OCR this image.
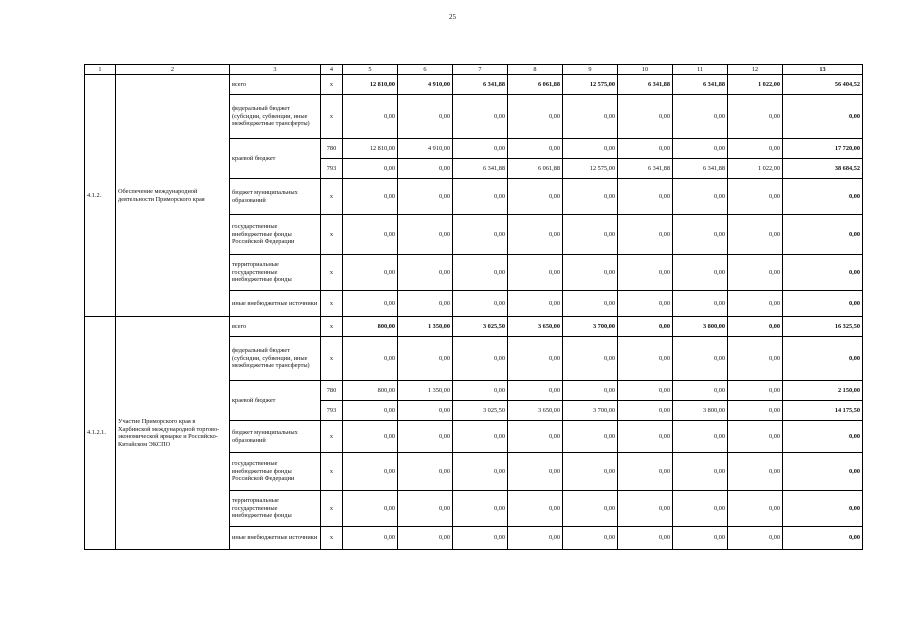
25
1	2	3	4	5	6	7	8	9	10	11	12	13
4.1.2.	Обеспечение международной деятельности Приморского края	всего	x	12 810,00	4 910,00	6 341,88	6 061,88	12 575,00	6 341,88	6 341,88	1 022,00	56 404,52
		федеральный бюджет (субсидии, субвенции, иные межбюджетные трансферты)	x	0,00	0,00	0,00	0,00	0,00	0,00	0,00	0,00	0,00
		краевой бюджет	780	12 810,00	4 910,00	0,00	0,00	0,00	0,00	0,00	0,00	17 720,00
			793	0,00	0,00	6 341,88	6 061,88	12 575,00	6 341,88	6 341,88	1 022,00	38 684,52
		бюджет муниципальных образований	x	0,00	0,00	0,00	0,00	0,00	0,00	0,00	0,00	0,00
		государственные внебюджетные фонды Российской Федерации	x	0,00	0,00	0,00	0,00	0,00	0,00	0,00	0,00	0,00
		территориальные государственные внебюджетные фонды	x	0,00	0,00	0,00	0,00	0,00	0,00	0,00	0,00	0,00
		иные внебюджетные источники	x	0,00	0,00	0,00	0,00	0,00	0,00	0,00	0,00	0,00
4.1.2.1.	Участие Приморского края в Харбинской международной торгово-экономической ярмарке и Российско-Китайском ЭКСПО	всего	x	800,00	1 350,00	3 025,50	3 650,00	3 700,00	0,00	3 800,00	0,00	16 325,50
		федеральный бюджет (субсидии, субвенции, иные межбюджетные трансферты)	x	0,00	0,00	0,00	0,00	0,00	0,00	0,00	0,00	0,00
		краевой бюджет	780	800,00	1 350,00	0,00	0,00	0,00	0,00	0,00	0,00	2 150,00
			793	0,00	0,00	3 025,50	3 650,00	3 700,00	0,00	3 800,00	0,00	14 175,50
		бюджет муниципальных образований	x	0,00	0,00	0,00	0,00	0,00	0,00	0,00	0,00	0,00
		государственные внебюджетные фонды Российской Федерации	x	0,00	0,00	0,00	0,00	0,00	0,00	0,00	0,00	0,00
		территориальные государственные внебюджетные фонды	x	0,00	0,00	0,00	0,00	0,00	0,00	0,00	0,00	0,00
		иные внебюджетные источники	x	0,00	0,00	0,00	0,00	0,00	0,00	0,00	0,00	0,00
